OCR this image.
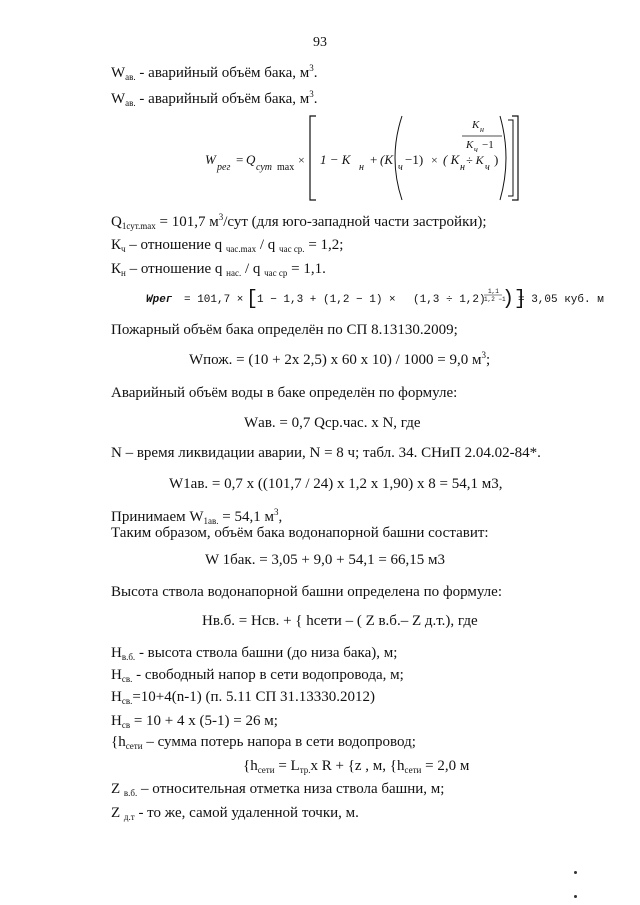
93
$W_{ав.}$ - аварийный объём бака, $м^3$.
$W_{ав.}$ - аварийный объём бака, $м^3$.
W
рег
= Q
сут max
× 1 − K
н
+ (K
ч
−1) × ( K
н
÷ K
ч
)
K н
K ч −1
$Q_{1сут.max} = 101,7$ $м^3$/сут (для юго-западной части застройки);
$К_ч$ – отношение q $_{час.max}$ / q $_{час ср.}$ = 1,2;
$К_н$ – отношение q $_{нас.}$ / q $_{час ср}$ = 1,1.
Wрег = 101,7 × [
1 − 1,3 + (1,2 − 1) × (1,3 ÷ 1,2)
1,1
1,2 −1
)]
= 3,05 куб. м
Пожарный объём бака определён по СП 8.13130.2009;
Wпож. = (10 + 2х 2,5) х 60 х 10) / 1000 = 9,0 $м^3$;
Аварийный объём воды в баке определён по формуле:
Wав. = 0,7 Qср.час. х N, где
N – время ликвидации аварии, N = 8 ч; табл. 34. СНиП 2.04.02-84*.
W1ав. = 0,7 х ((101,7 / 24) х 1,2 х 1,90) х 8 = 54,1 м3,
Принимаем $W_{1ав.} = 54,1$ $м^3$,
Таким образом, объём бака водонапорной башни составит:
W 1бак. = 3,05 + 9,0 + 54,1 = 66,15 м3
Высота ствола водонапорной башни определена по формуле:
Нв.б. = Нсв. + { hсети – ( Z в.б.– Z д.т.), где
$Н_{в.б.}$ - высота ствола башни (до низа бака), м;
$Н_{св.}$ - свободный напор в сети водопровода, м;
$Н_{св.}=10+4(n-1)$ (п. 5.11 СП 31.13330.2012)
$Н_{св} = 10 + 4$ х (5-1) = 26 м;
{$h_{сети}$ – сумма потерь напора в сети водопровод;
{$h_{сети} = L_{тр.}х$ R + {z , м, {$h_{сети} = 2,0$ м
Z $_{в.б.}$ – относительная отметка низа ствола башни, м;
Z $_{д.т}$ - то же, самой удаленной точки, м.
